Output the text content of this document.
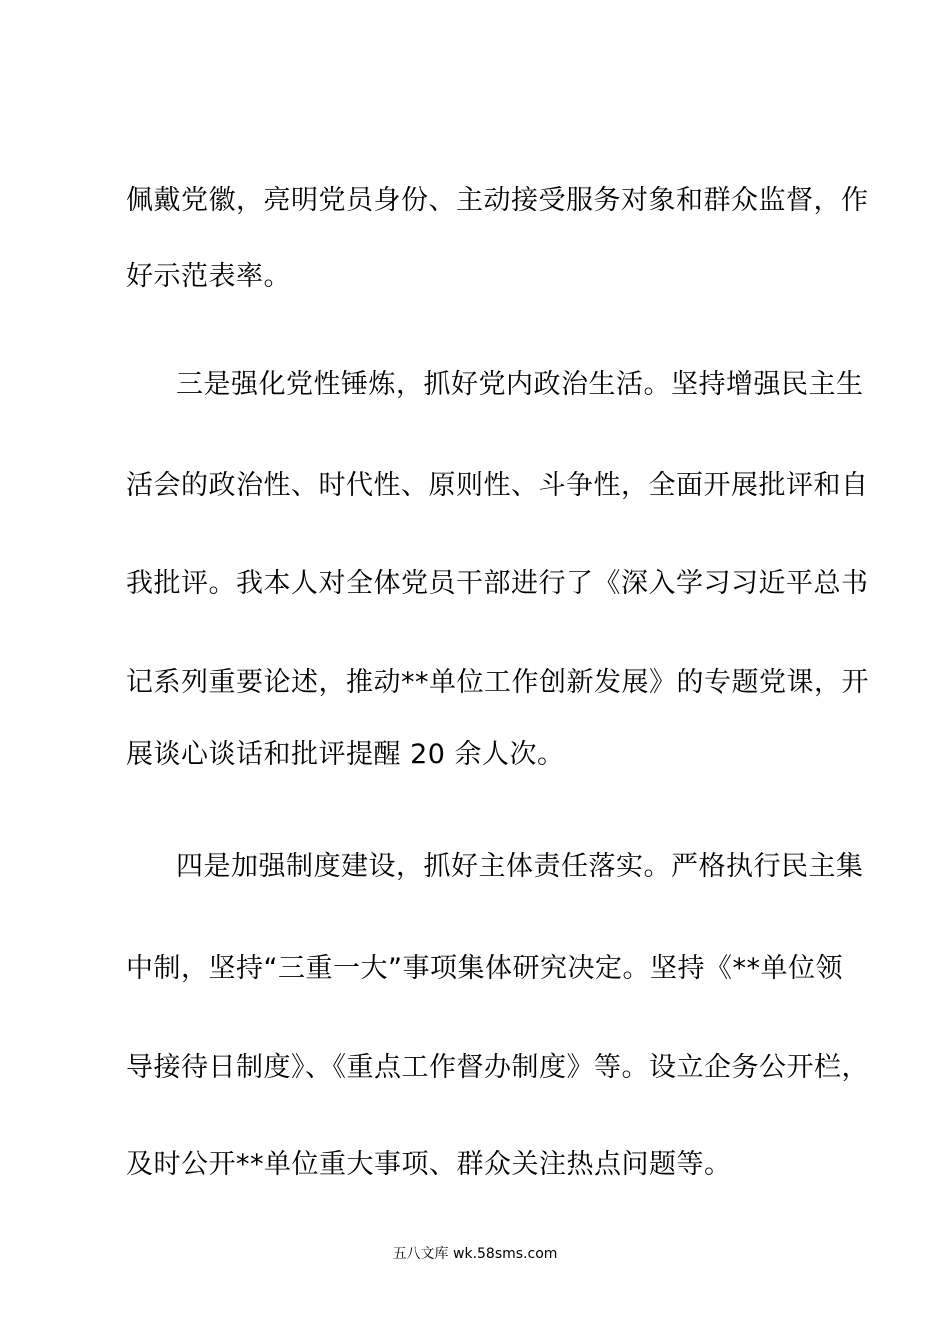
佩戴党徽，亮明党员身份、主动接受服务对象和群众监督，作
好示范表率。
三是强化党性锤炼，抓好党内政治生活。坚持增强民主生
活会的政治性、时代性、原则性、斗争性，全面开展批评和自
我批评。我本人对全体党员干部进行了《深入学习习近平总书
记系列重要论述，推动**单位工作创新发展》的专题党课，开
展谈心谈话和批评提醒 20 余人次。
四是加强制度建设，抓好主体责任落实。严格执行民主集
中制，坚持“三重一大”事项集体研究决定。坚持《**单位领
导接待日制度》、《重点工作督办制度》等。设立企务公开栏，
及时公开**单位重大事项、群众关注热点问题等。
五八文库 wk.58sms.com
